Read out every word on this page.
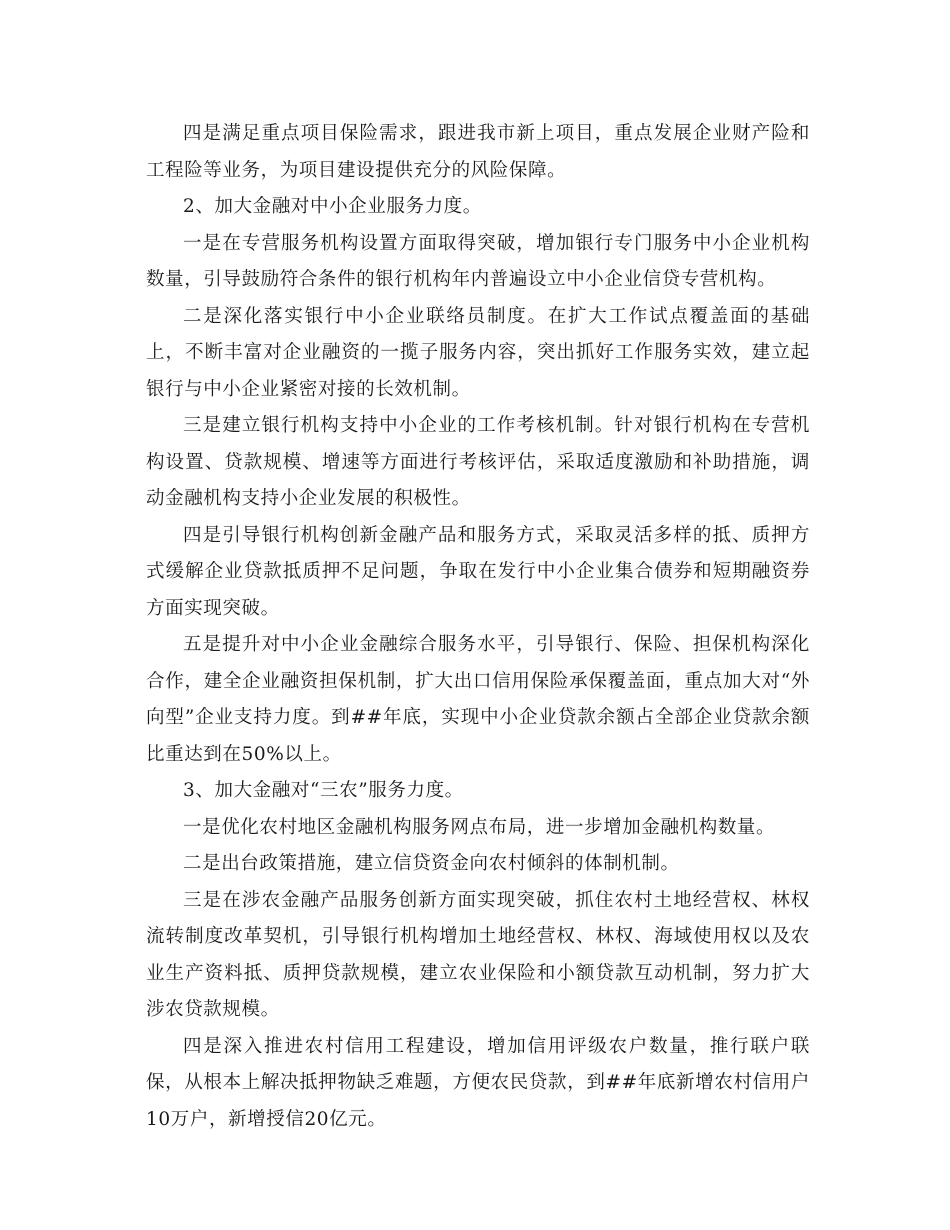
四是满足重点项目保险需求，跟进我市新上项目，重点发展企业财产险和工程险等业务，为项目建设提供充分的风险保障。

2、加大金融对中小企业服务力度。

一是在专营服务机构设置方面取得突破，增加银行专门服务中小企业机构数量，引导鼓励符合条件的银行机构年内普遍设立中小企业信贷专营机构。

二是深化落实银行中小企业联络员制度。在扩大工作试点覆盖面的基础上，不断丰富对企业融资的一揽子服务内容，突出抓好工作服务实效，建立起银行与中小企业紧密对接的长效机制。

三是建立银行机构支持中小企业的工作考核机制。针对银行机构在专营机构设置、贷款规模、增速等方面进行考核评估，采取适度激励和补助措施，调动金融机构支持小企业发展的积极性。

四是引导银行机构创新金融产品和服务方式，采取灵活多样的抵、质押方式缓解企业贷款抵质押不足问题，争取在发行中小企业集合债券和短期融资券方面实现突破。

五是提升对中小企业金融综合服务水平，引导银行、保险、担保机构深化合作，建全企业融资担保机制，扩大出口信用保险承保覆盖面，重点加大对“外向型”企业支持力度。到##年底，实现中小企业贷款余额占全部企业贷款余额比重达到在50%以上。

3、加大金融对“三农”服务力度。

一是优化农村地区金融机构服务网点布局，进一步增加金融机构数量。

二是出台政策措施，建立信贷资金向农村倾斜的体制机制。

三是在涉农金融产品服务创新方面实现突破，抓住农村土地经营权、林权流转制度改革契机，引导银行机构增加土地经营权、林权、海域使用权以及农业生产资料抵、质押贷款规模，建立农业保险和小额贷款互动机制，努力扩大涉农贷款规模。

四是深入推进农村信用工程建设，增加信用评级农户数量，推行联户联保，从根本上解决抵押物缺乏难题，方便农民贷款，到##年底新增农村信用户10万户，新增授信20亿元。
